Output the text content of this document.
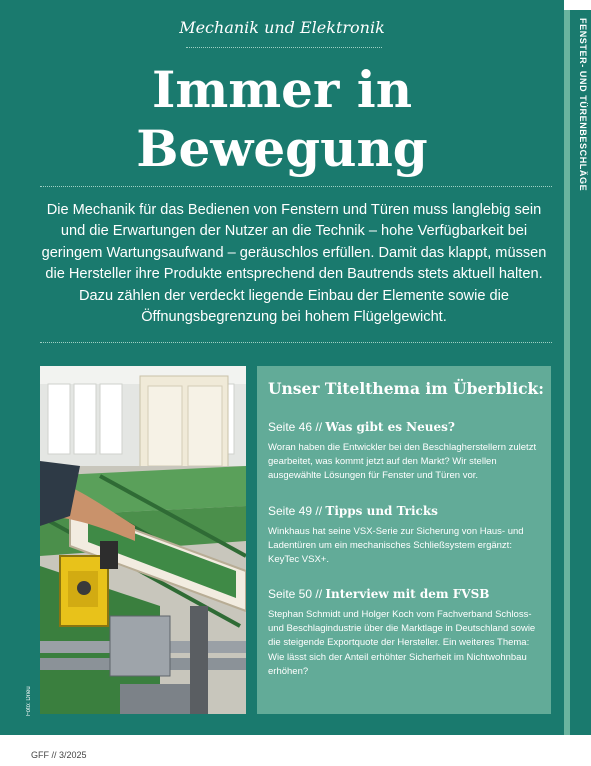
FENSTER- UND TÜRENBESCHLÄGE
Mechanik und Elektronik
Immer in
Bewegung
Die Mechanik für das Bedienen von Fenstern und Türen muss langlebig sein und die Erwartungen der Nutzer an die Technik – hohe Verfügbarkeit bei geringem Wartungsaufwand – geräuschlos erfüllen. Damit das klappt, müssen die Hersteller ihre Produkte entsprechend den Bautrends stets aktuell halten. Dazu zählen der verdeckt liegende Einbau der Elemente sowie die Öffnungsbegrenzung bei hohem Flügelgewicht.
Foto: Drieu
Unser Titelthema im Überblick:
Seite 46 // Was gibt es Neues?
Woran haben die Entwickler bei den Beschlagherstellern zuletzt gearbeitet, was kommt jetzt auf den Markt? Wir stellen ausgewählte Lösungen für Fenster und Türen vor.
Seite 49 // Tipps und Tricks
Winkhaus hat seine VSX-Serie zur Sicherung von Haus- und Ladentüren um ein mechanisches Schließsystem ergänzt: KeyTec VSX+.
Seite 50 // Interview mit dem FVSB
Stephan Schmidt und Holger Koch vom Fachverband Schloss- und Beschlagindustrie über die Marktlage in Deutschland sowie die steigende Exportquote der Hersteller. Ein weiteres Thema: Wie lässt sich der Anteil erhöhter Sicherheit im Nichtwohnbau erhöhen?
GFF // 3/2025
